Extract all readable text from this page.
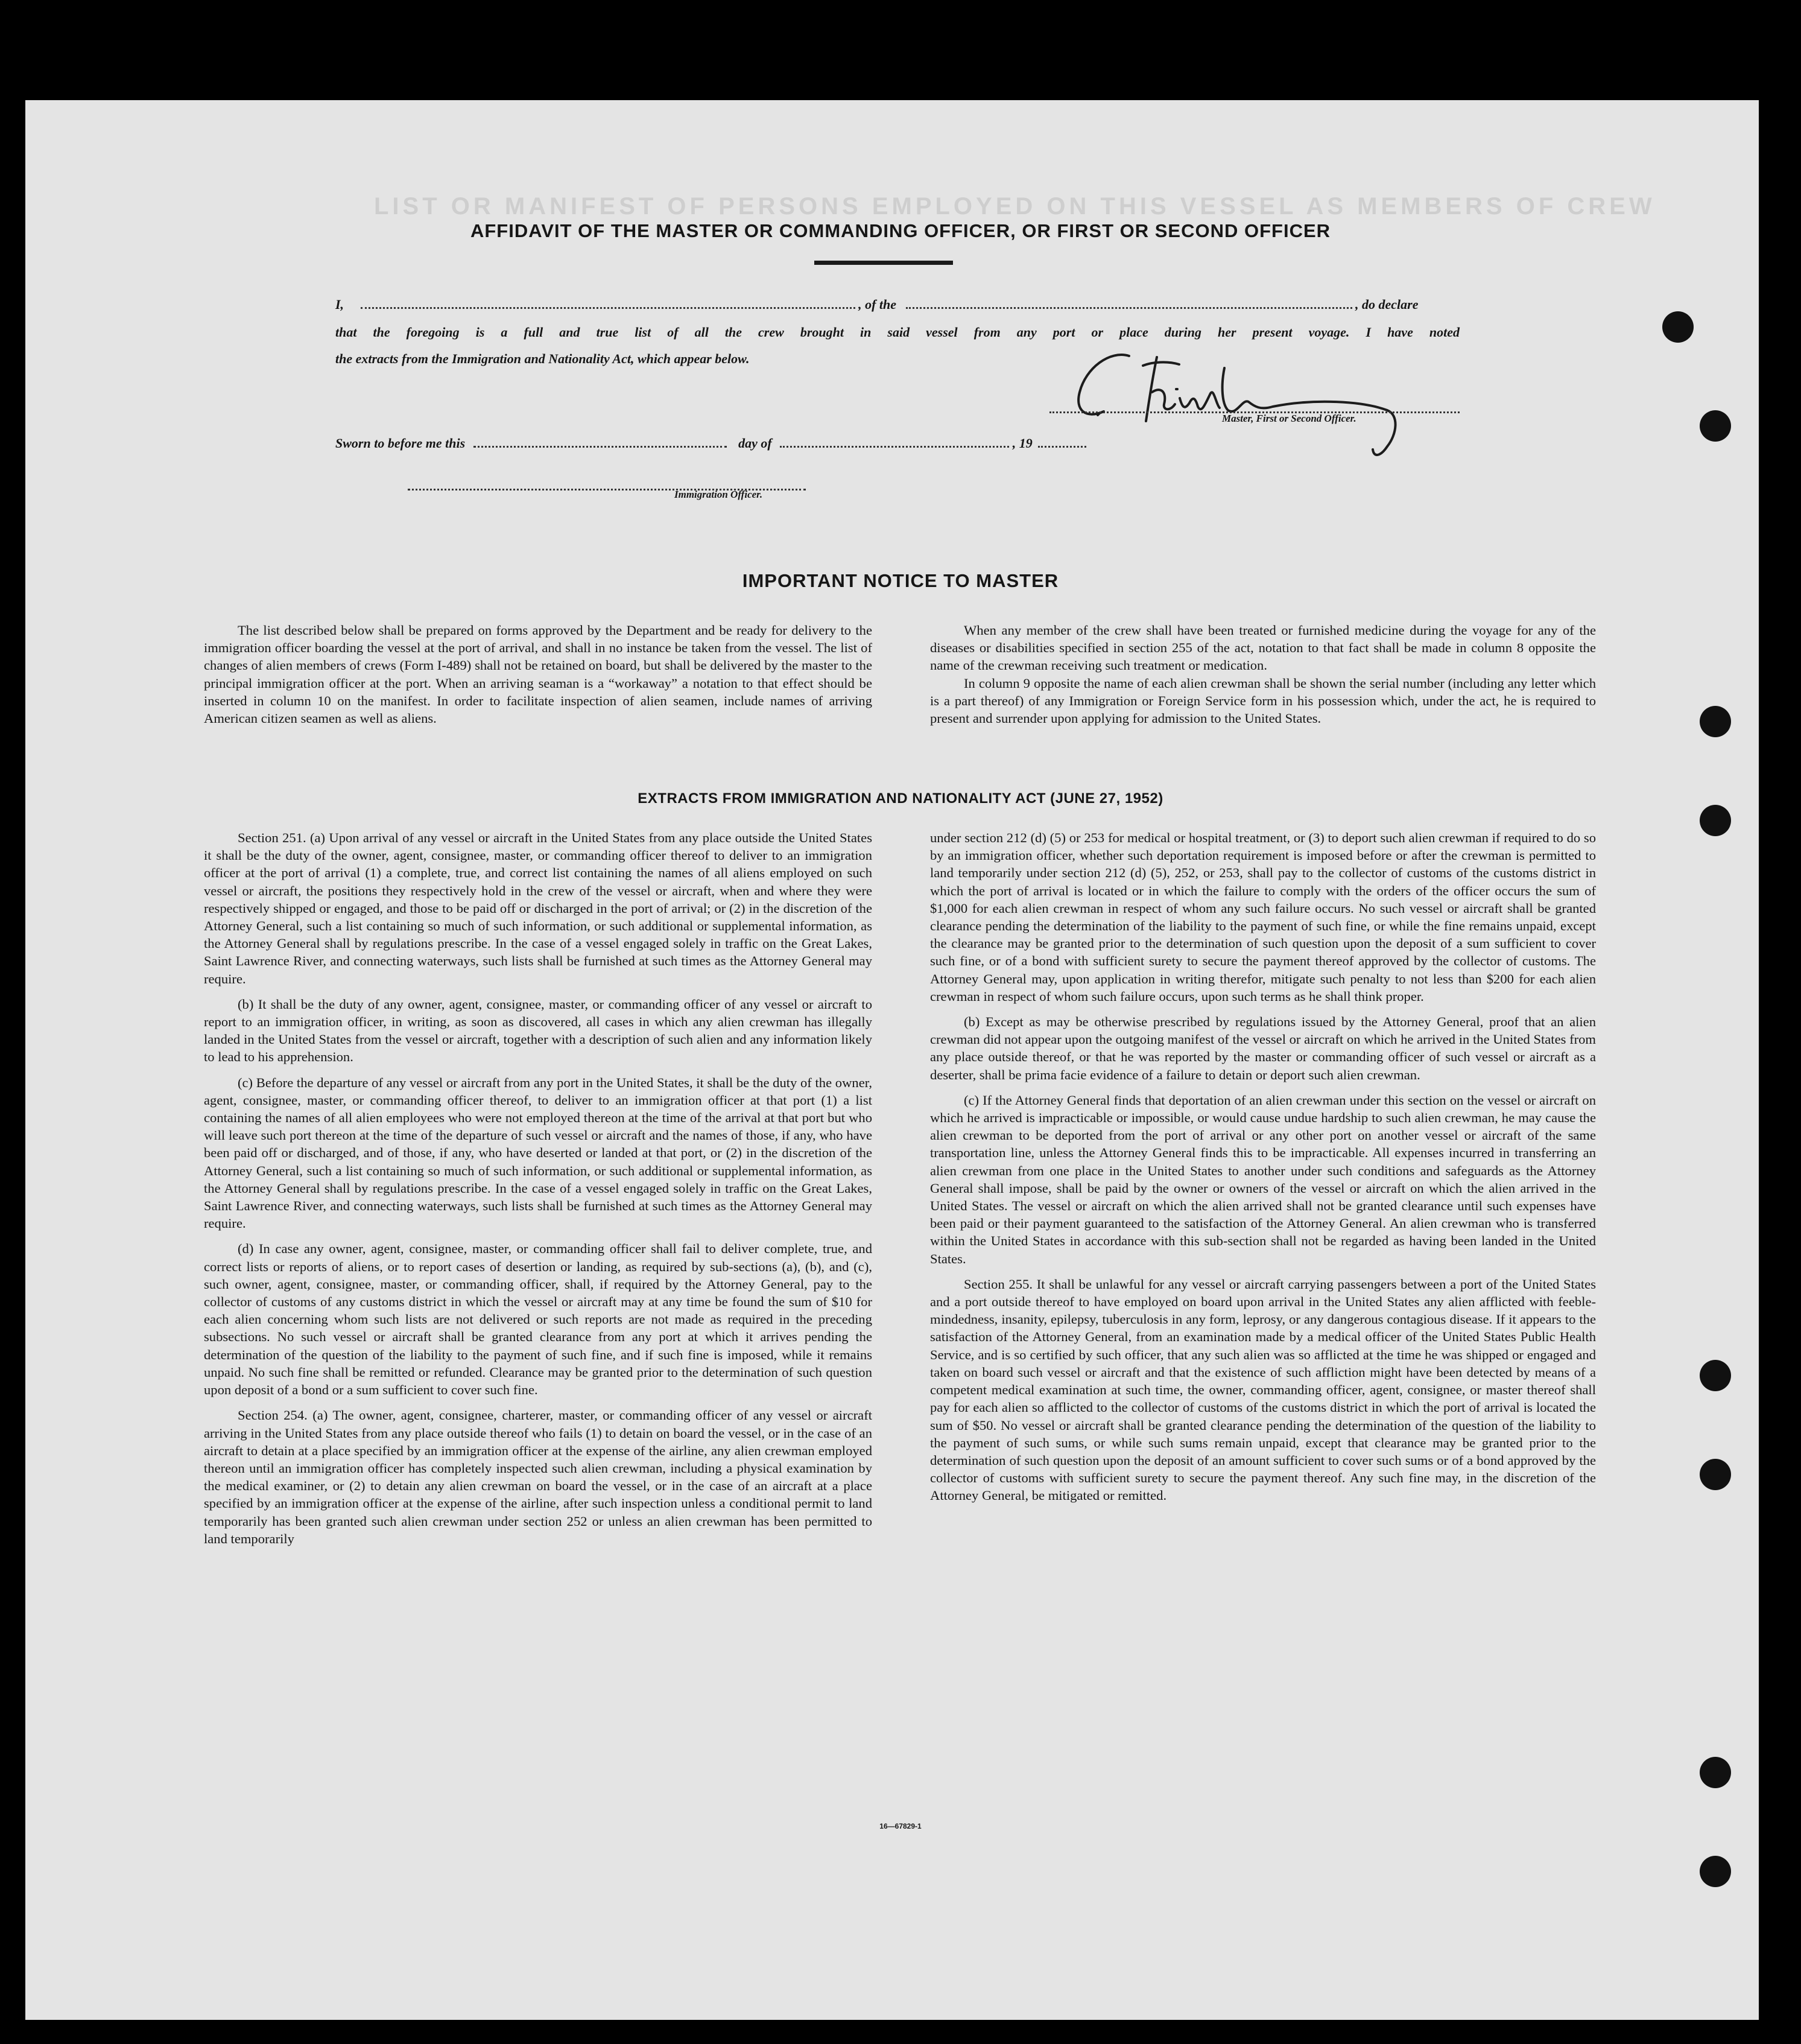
LIST OR MANIFEST OF PERSONS EMPLOYED ON THIS VESSEL AS MEMBERS OF CREW
AFFIDAVIT OF THE MASTER OR COMMANDING OFFICER, OR FIRST OR SECOND OFFICER
I,	, of the	, do declare
that the foregoing is a full and true list of all the crew brought in said vessel from any port or place during her present voyage. I have noted
the extracts from the Immigration and Nationality Act, which appear below.
Master, First or Second Officer.
Sworn to before me this	day of	, 19
Immigration Officer.
IMPORTANT NOTICE TO MASTER

The list described below shall be prepared on forms approved by the Department and be ready for delivery to the immigration officer boarding the vessel at the port of arrival, and shall in no instance be taken from the vessel. The list of changes of alien members of crews (Form I-489) shall not be retained on board, but shall be delivered by the master to the principal immigration officer at the port. When an arriving seaman is a “workaway” a notation to that effect should be inserted in column 10 on the manifest. In order to facilitate inspection of alien seamen, include names of arriving American citizen seamen as well as aliens.

When any member of the crew shall have been treated or furnished medicine during the voyage for any of the diseases or disabilities specified in section 255 of the act, notation to that fact shall be made in column 8 opposite the name of the crewman receiving such treatment or medication.

In column 9 opposite the name of each alien crewman shall be shown the serial number (including any letter which is a part thereof) of any Immigration or Foreign Service form in his possession which, under the act, he is required to present and surrender upon applying for admission to the United States.

EXTRACTS FROM IMMIGRATION AND NATIONALITY ACT (JUNE 27, 1952)

Section 251. (a) Upon arrival of any vessel or aircraft in the United States from any place outside the United States it shall be the duty of the owner, agent, consignee, master, or commanding officer thereof to deliver to an immigration officer at the port of arrival (1) a complete, true, and correct list containing the names of all aliens employed on such vessel or aircraft, the positions they respectively hold in the crew of the vessel or aircraft, when and where they were respectively shipped or engaged, and those to be paid off or discharged in the port of arrival; or (2) in the discretion of the Attorney General, such a list containing so much of such information, or such additional or supplemental information, as the Attorney General shall by regulations prescribe. In the case of a vessel engaged solely in traffic on the Great Lakes, Saint Lawrence River, and connecting waterways, such lists shall be furnished at such times as the Attorney General may require.

(b) It shall be the duty of any owner, agent, consignee, master, or commanding officer of any vessel or aircraft to report to an immigration officer, in writing, as soon as discovered, all cases in which any alien crewman has illegally landed in the United States from the vessel or aircraft, together with a description of such alien and any information likely to lead to his apprehension.

(c) Before the departure of any vessel or aircraft from any port in the United States, it shall be the duty of the owner, agent, consignee, master, or commanding officer thereof, to deliver to an immigration officer at that port (1) a list containing the names of all alien employees who were not employed thereon at the time of the arrival at that port but who will leave such port thereon at the time of the departure of such vessel or aircraft and the names of those, if any, who have been paid off or discharged, and of those, if any, who have deserted or landed at that port, or (2) in the discretion of the Attorney General, such a list containing so much of such information, or such additional or supplemental information, as the Attorney General shall by regulations prescribe. In the case of a vessel engaged solely in traffic on the Great Lakes, Saint Lawrence River, and connecting waterways, such lists shall be furnished at such times as the Attorney General may require.

(d) In case any owner, agent, consignee, master, or commanding officer shall fail to deliver complete, true, and correct lists or reports of aliens, or to report cases of desertion or landing, as required by sub-sections (a), (b), and (c), such owner, agent, consignee, master, or commanding officer, shall, if required by the Attorney General, pay to the collector of customs of any customs district in which the vessel or aircraft may at any time be found the sum of $10 for each alien concerning whom such lists are not delivered or such reports are not made as required in the preceding subsections. No such vessel or aircraft shall be granted clearance from any port at which it arrives pending the determination of the question of the liability to the payment of such fine, and if such fine is imposed, while it remains unpaid. No such fine shall be remitted or refunded. Clearance may be granted prior to the determination of such question upon deposit of a bond or a sum sufficient to cover such fine.

Section 254. (a) The owner, agent, consignee, charterer, master, or commanding officer of any vessel or aircraft arriving in the United States from any place outside thereof who fails (1) to detain on board the vessel, or in the case of an aircraft to detain at a place specified by an immigration officer at the expense of the airline, any alien crewman employed thereon until an immigration officer has completely inspected such alien crewman, including a physical examination by the medical examiner, or (2) to detain any alien crewman on board the vessel, or in the case of an aircraft at a place specified by an immigration officer at the expense of the airline, after such inspection unless a conditional permit to land temporarily has been granted such alien crewman under section 252 or unless an alien crewman has been permitted to land temporarily

under section 212 (d) (5) or 253 for medical or hospital treatment, or (3) to deport such alien crewman if required to do so by an immigration officer, whether such deportation requirement is imposed before or after the crewman is permitted to land temporarily under section 212 (d) (5), 252, or 253, shall pay to the collector of customs of the customs district in which the port of arrival is located or in which the failure to comply with the orders of the officer occurs the sum of $1,000 for each alien crewman in respect of whom any such failure occurs. No such vessel or aircraft shall be granted clearance pending the determination of the liability to the payment of such fine, or while the fine remains unpaid, except the clearance may be granted prior to the determination of such question upon the deposit of a sum sufficient to cover such fine, or of a bond with sufficient surety to secure the payment thereof approved by the collector of customs. The Attorney General may, upon application in writing therefor, mitigate such penalty to not less than $200 for each alien crewman in respect of whom such failure occurs, upon such terms as he shall think proper.

(b) Except as may be otherwise prescribed by regulations issued by the Attorney General, proof that an alien crewman did not appear upon the outgoing manifest of the vessel or aircraft on which he arrived in the United States from any place outside thereof, or that he was reported by the master or commanding officer of such vessel or aircraft as a deserter, shall be prima facie evidence of a failure to detain or deport such alien crewman.

(c) If the Attorney General finds that deportation of an alien crewman under this section on the vessel or aircraft on which he arrived is impracticable or impossible, or would cause undue hardship to such alien crewman, he may cause the alien crewman to be deported from the port of arrival or any other port on another vessel or aircraft of the same transportation line, unless the Attorney General finds this to be impracticable. All expenses incurred in transferring an alien crewman from one place in the United States to another under such conditions and safeguards as the Attorney General shall impose, shall be paid by the owner or owners of the vessel or aircraft on which the alien arrived in the United States. The vessel or aircraft on which the alien arrived shall not be granted clearance until such expenses have been paid or their payment guaranteed to the satisfaction of the Attorney General. An alien crewman who is transferred within the United States in accordance with this sub-section shall not be regarded as having been landed in the United States.

Section 255. It shall be unlawful for any vessel or aircraft carrying passengers between a port of the United States and a port outside thereof to have employed on board upon arrival in the United States any alien afflicted with feeble-mindedness, insanity, epilepsy, tuberculosis in any form, leprosy, or any dangerous contagious disease. If it appears to the satisfaction of the Attorney General, from an examination made by a medical officer of the United States Public Health Service, and is so certified by such officer, that any such alien was so afflicted at the time he was shipped or engaged and taken on board such vessel or aircraft and that the existence of such affliction might have been detected by means of a competent medical examination at such time, the owner, commanding officer, agent, consignee, or master thereof shall pay for each alien so afflicted to the collector of customs of the customs district in which the port of arrival is located the sum of $50. No vessel or aircraft shall be granted clearance pending the determination of the question of the liability to the payment of such sums, or while such sums remain unpaid, except that clearance may be granted prior to the determination of such question upon the deposit of an amount sufficient to cover such sums or of a bond approved by the collector of customs with sufficient surety to secure the payment thereof. Any such fine may, in the discretion of the Attorney General, be mitigated or remitted.

16—67829-1
